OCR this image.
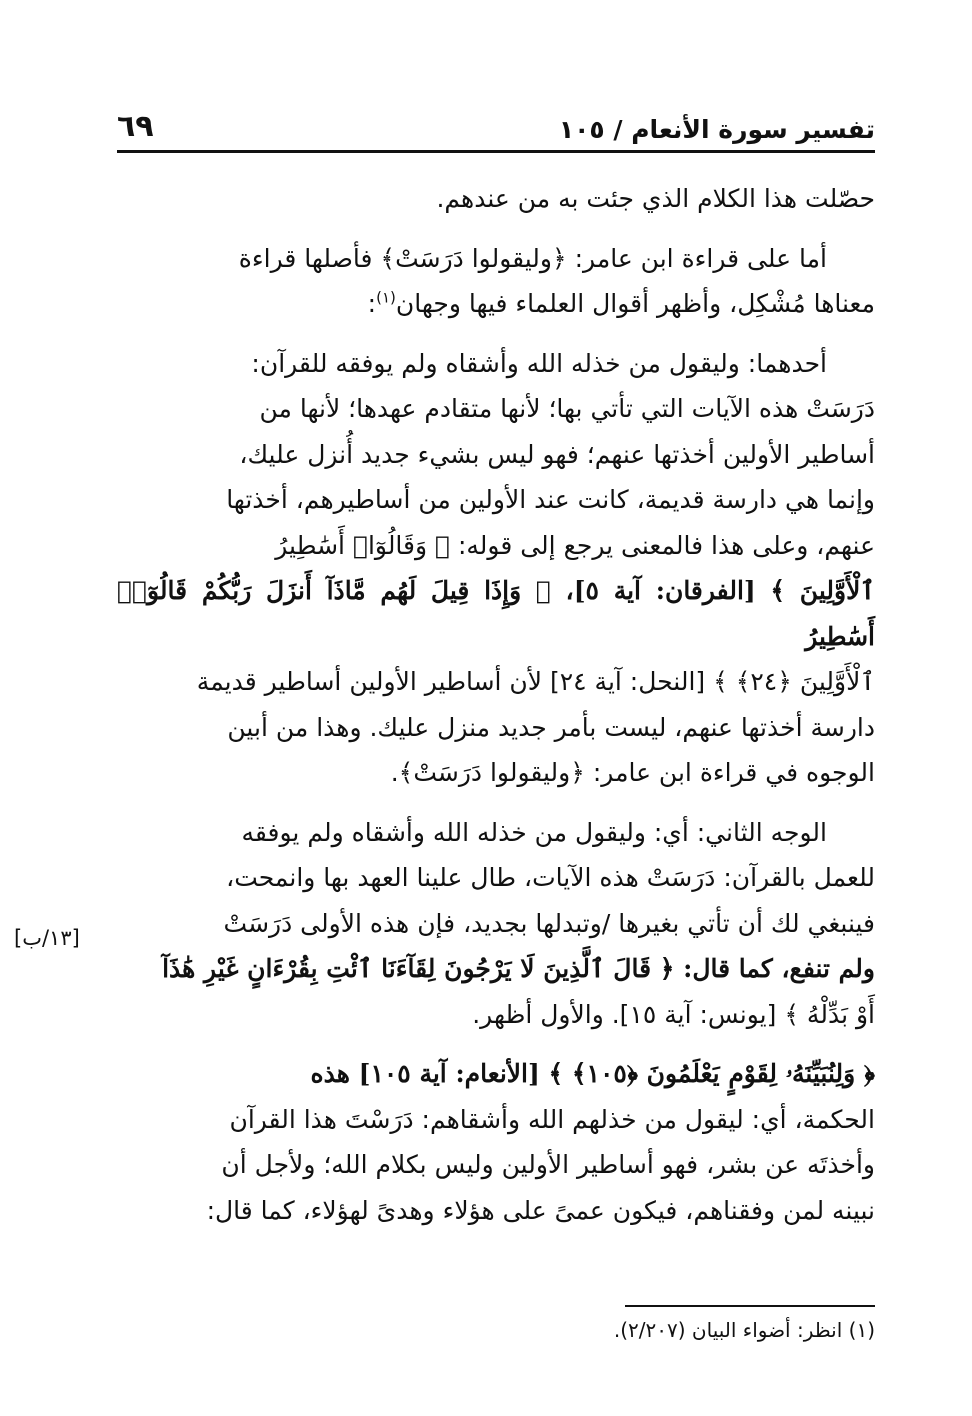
تفسير سورة الأنعام / ١٠٥
٦٩
[١٣/ب]

حصّلت هذا الكلام الذي جئت به من عندهم.

أما على قراءة ابن عامر: ﴿وليقولوا دَرَسَتْ﴾ فأصلها قراءة

معناها مُشْكِل، وأظهر أقوال العلماء فيها وجهان$^{(١)}$:

أحدهما: وليقول من خذله الله وأشقاه ولم يوفقه للقرآن:

دَرَسَتْ هذه الآيات التي تأتي بها؛ لأنها متقادم عهدها؛ لأنها من

أساطير الأولين أخذتها عنهم؛ فهو ليس بشيء جديد أُنزل عليك،

وإنما هي دارسة قديمة، كانت عند الأولين من أساطيرهم، أخذتها

عنهم، وعلى هذا فالمعنى يرجع إلى قوله: ﴿ وَقَالُوٓا۟ أَسَٰطِيرُ

ٱلْأَوَّلِينَ ﴾ [الفرقان: آية ٥]، ﴿ وَإِذَا قِيلَ لَهُم مَّاذَآ أَنزَلَ رَبُّكُمْ قَالُوٓا۟ أَسَٰطِيرُ

ٱلْأَوَّلِينَ ﴿٢٤﴾ ﴾ [النحل: آية ٢٤] لأن أساطير الأولين أساطير قديمة

دارسة أخذتها عنهم، ليست بأمر جديد منزل عليك. وهذا من أبين

الوجوه في قراءة ابن عامر: ﴿وليقولوا دَرَسَتْ﴾.

الوجه الثاني: أي: وليقول من خذله الله وأشقاه ولم يوفقه

للعمل بالقرآن: دَرَسَتْ هذه الآيات، طال علينا العهد بها وانمحت،

فينبغي لك أن تأتي بغيرها /وتبدلها بجديد، فإن هذه الأولى دَرَسَتْ

ولم تنفع، كما قال: ﴿ قَالَ ٱلَّذِينَ لَا يَرْجُونَ لِقَآءَنَا ٱئْتِ بِقُرْءَانٍ غَيْرِ هَٰذَآ

أَوْ بَدِّلْهُ ﴾ [يونس: آية ١٥]. والأول أظهر.

﴿ وَلِنُبَيِّنَهُۥ لِقَوْمٍ يَعْلَمُونَ ﴿١٠٥﴾ ﴾ [الأنعام: آية ١٠٥] هذه

الحكمة، أي: ليقول من خذلهم الله وأشقاهم: دَرَسْتَ هذا القرآن

وأخذتَه عن بشر، فهو أساطير الأولين وليس بكلام الله؛ ولأجل أن

نبينه لمن وفقناهم، فيكون عمىً على هؤلاء وهدىً لهؤلاء، كما قال:

(١) انظر: أضواء البيان (٢/٢٠٧).
